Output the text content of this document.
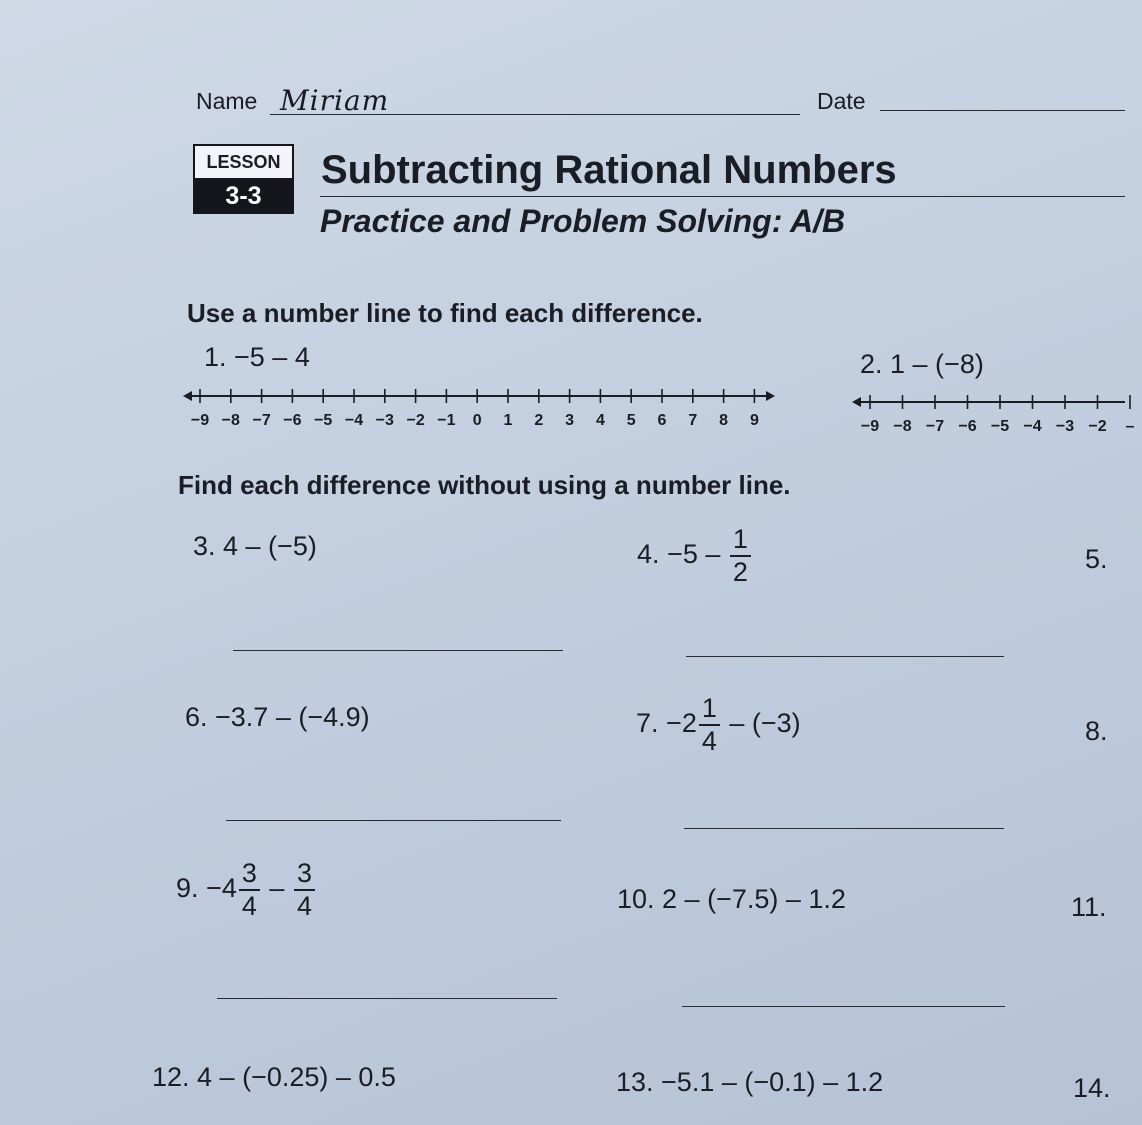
Name Miriam	Date
LESSON
3-3
Subtracting Rational Numbers
Practice and Problem Solving: A/B
Use a number line to find each difference.
1. −5 – 4	2. 1 – (−8)
−9 −8 −7 −6 −5 −4 −3 −2 −1	0	1	2	3	4	5	6	7	8	9	−9 −8 −7 −6 −5 −4 −3 −2	–
Find each difference without using a number line.
3. 4 – (−5)	4. $-5 - \frac{1}{2}$	5.
6. −3.7 – (−4.9)	7. $-2 \frac{1}{4} - (-3)$	8.
9. $-4 \frac{3}{4} - \frac{3}{4}$	10. 2 – (−7.5) – 1.2	11.
12. 4 – (−0.25) – 0.5	13. −5.1 – (−0.1) – 1.2	14.
